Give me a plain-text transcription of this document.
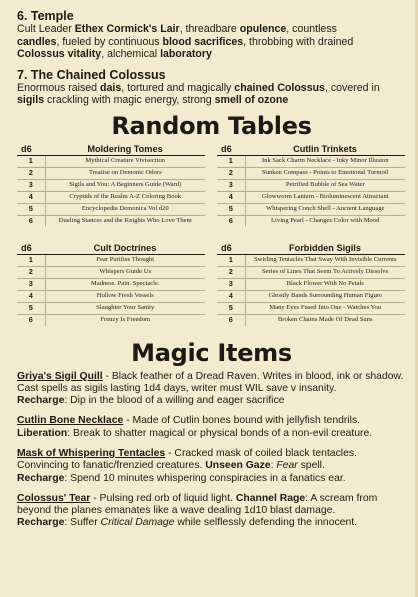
6. Temple

Cult Leader Ethex Cormick's Lair, threadbare opulence, countless
candles, fueled by continuous blood sacrifices, throbbing with drained
Colossus vitality, alchemical laboratory

7. The Chained Colossus

Enormous raised dais, tortured and magically chained Colossus, covered in
sigils crackling with magic energy, strong smell of ozone

Random Tables
d6	Moldering Tomes
1	Mythical Creature Vivisection
2	Treatise on Demonic Odors
3	Sigils and You: A Beginners Guide (Ward)
4	Cryptids of the Realm A-Z Coloring Book
5	Encyclopedia Demonica Vol d20
6	Dueling Stances and the Knights Who Love Them
d6	Cutlin Trinkets
1	Ink Sack Charm Necklace - Inky Minor Illusion
2	Sunken Compass - Points to Emotional Turmoil
3	Petrified Bubble of Sea Water
4	Glowworm Lantern - Bioluminescent Attractant
5	Whispering Conch Shell - Ancient Language
6	Living Pearl - Changes Color with Mood
d6	Cult Doctrines
1	Fear Purifies Thought
2	Whispers Guide Us
3	Madness. Pain. Spectacle.
4	Hollow Fresh Vessels
5	Slaughter Your Sanity
6	Frenzy Is Freedom
d6	Forbidden Sigils
1	Swirling Tentacles That Sway With Invisible Currents
2	Series of Lines That Seem To Actively Dissolve
3	Black Flower With No Petals
4	Ghostly Bands Surrounding Human Figure
5	Many Eyes Fused Into One - Watches You
6	Broken Chains Made Of Dead Suns
Magic Items

Griya's Sigil Quill - Black feather of a Dread Raven. Writes in blood, ink or shadow. Cast spells as sigils lasting 1d4 days, writer must WIL save v insanity.
Recharge: Dip in the blood of a willing and eager sacrifice

Cutlin Bone Necklace - Made of Cutlin bones bound with jellyfish tendrils.
Liberation: Break to shatter magical or physical bonds of a non-evil creature.

Mask of Whispering Tentacles - Cracked mask of coiled black tentacles. Convincing to fanatic/frenzied creatures. Unseen Gaze: Fear spell.
Recharge: Spend 10 minutes whispering conspiracies in a fanatics ear.

Colossus' Tear - Pulsing red orb of liquid light. Channel Rage: A scream from beyond the planes emanates like a wave dealing 1d10 blast damage.
Recharge: Suffer Critical Damage while selflessly defending the innocent.
